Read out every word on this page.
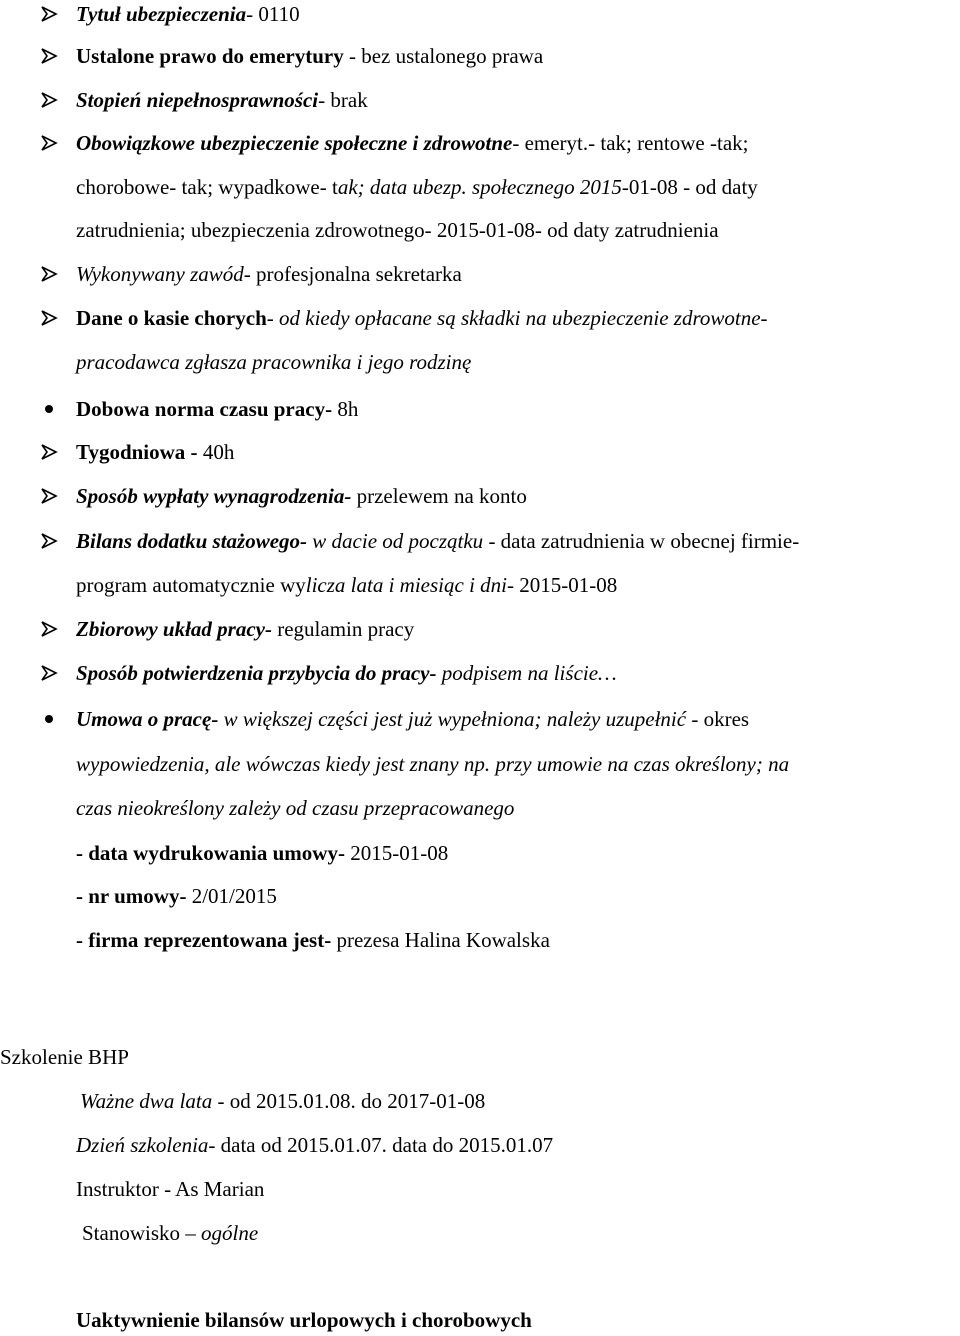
Tytuł ubezpieczenia- 0110
Ustalone prawo do emerytury - bez ustalonego prawa
Stopień niepełnosprawności- brak
Obowiązkowe ubezpieczenie społeczne i zdrowotne- emeryt.- tak; rentowe -tak;
chorobowe- tak; wypadkowe- tak; data ubezp. społecznego 2015-01-08 - od daty
zatrudnienia; ubezpieczenia zdrowotnego- 2015-01-08- od daty zatrudnienia
Wykonywany zawód- profesjonalna sekretarka
Dane o kasie chorych- od kiedy opłacane są składki na ubezpieczenie zdrowotne-
pracodawca zgłasza pracownika i jego rodzinę
Dobowa norma czasu pracy- 8h
Tygodniowa - 40h
Sposób wypłaty wynagrodzenia- przelewem na konto
Bilans dodatku stażowego- w dacie od początku - data zatrudnienia w obecnej firmie-
program automatycznie wylicza lata i miesiąc i dni- 2015-01-08
Zbiorowy układ pracy- regulamin pracy
Sposób potwierdzenia przybycia do pracy- podpisem na liście…
Umowa o pracę- w większej części jest już wypełniona; należy uzupełnić - okres
wypowiedzenia, ale wówczas kiedy jest znany np. przy umowie na czas określony; na
czas nieokreślony zależy od czasu przepracowanego
- data wydrukowania umowy- 2015-01-08
- nr umowy- 2/01/2015
- firma reprezentowana jest- prezesa Halina Kowalska
Szkolenie BHP
Ważne dwa lata - od 2015.01.08. do 2017-01-08
Dzień szkolenia- data od 2015.01.07. data do 2015.01.07
Instruktor - As Marian
Stanowisko – ogólne
Uaktywnienie bilansów urlopowych i chorobowych
